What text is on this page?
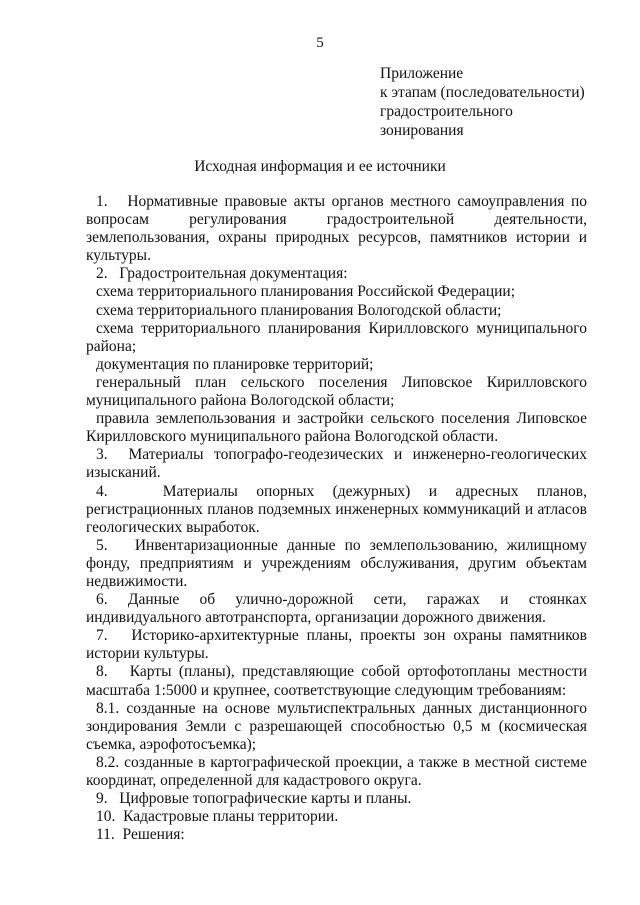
5
Приложение
к этапам (последовательности)
градостроительного
зонирования
Исходная информация и ее источники
1.   Нормативные правовые акты органов местного самоуправления по вопросам регулирования градостроительной деятельности, землепользования, охраны природных ресурсов, памятников истории и культуры.
2.   Градостроительная документация:
схема территориального планирования Российской Федерации;
схема территориального планирования Вологодской области;
схема территориального планирования Кирилловского муниципального района;
документация по планировке территорий;
генеральный план сельского поселения Липовское Кирилловского муниципального района Вологодской области;
правила землепользования и застройки сельского поселения Липовское Кирилловского муниципального района Вологодской области.
3.  Материалы топографо-геодезических и инженерно-геологических изысканий.
4.   Материалы опорных (дежурных) и адресных планов, регистрационных планов подземных инженерных коммуникаций и атласов геологических выработок.
5.   Инвентаризационные данные по землепользованию, жилищному фонду, предприятиям и учреждениям обслуживания, другим объектам недвижимости.
6. Данные об улично-дорожной сети, гаражах и стоянках индивидуального автотранспорта, организации дорожного движения.
7.   Историко-архитектурные планы, проекты зон охраны памятников истории культуры.
8.   Карты (планы), представляющие собой ортофотопланы местности масштаба 1:5000 и крупнее, соответствующие следующим требованиям:
8.1. созданные на основе мультиспектральных данных дистанционного зондирования Земли с разрешающей способностью 0,5 м (космическая съемка, аэрофотосъемка);
8.2. созданные в картографической проекции, а также в местной системе координат, определенной для кадастрового округа.
9.   Цифровые топографические карты и планы.
10.  Кадастровые планы территории.
11.  Решения:
